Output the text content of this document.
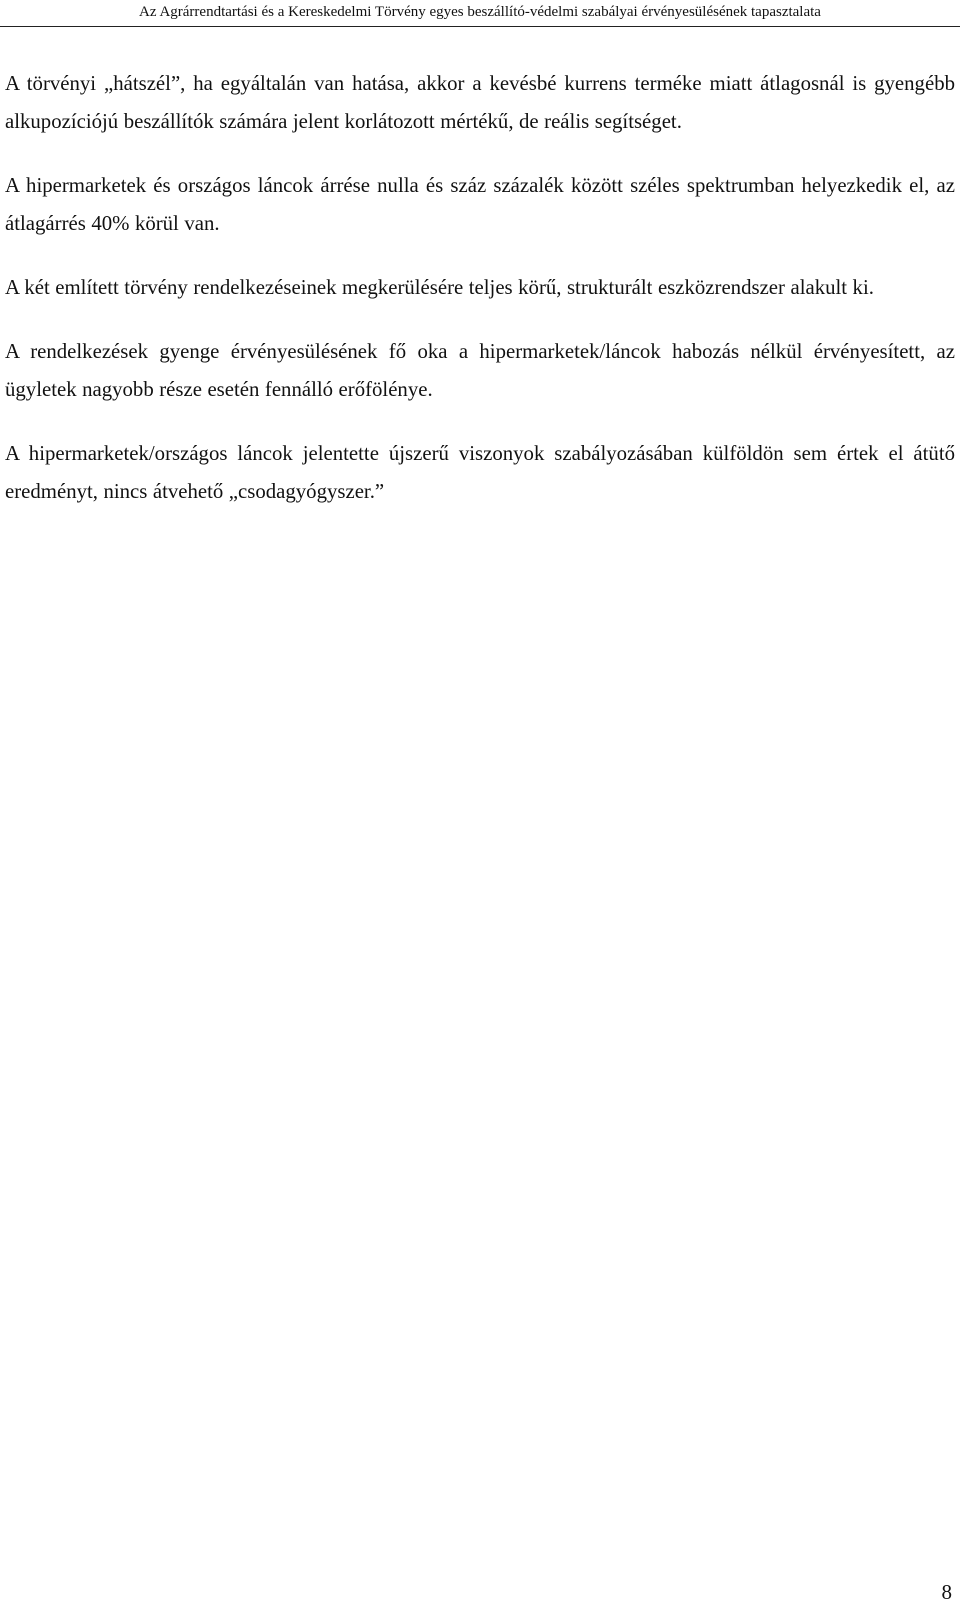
Az Agrárrendtartási és a Kereskedelmi Törvény egyes beszállító-védelmi szabályai érvényesülésének tapasztalata

A törvényi „hátszél”, ha egyáltalán van hatása, akkor a kevésbé kurrens terméke miatt átlagosnál is gyengébb alkupozíciójú beszállítók számára jelent korlátozott mértékű, de reális segítséget.

A hipermarketek és országos láncok árrése nulla és száz százalék között széles spektrumban helyezkedik el, az átlagárrés 40% körül van.

A két említett törvény rendelkezéseinek megkerülésére teljes körű, strukturált eszközrendszer alakult ki.

A rendelkezések gyenge érvényesülésének fő oka a hipermarketek/láncok habozás nélkül érvényesített, az ügyletek nagyobb része esetén fennálló erőfölénye.

A hipermarketek/országos láncok jelentette újszerű viszonyok szabályozásában külföldön sem értek el átütő eredményt, nincs átvehető „csodagyógyszer.”

8
